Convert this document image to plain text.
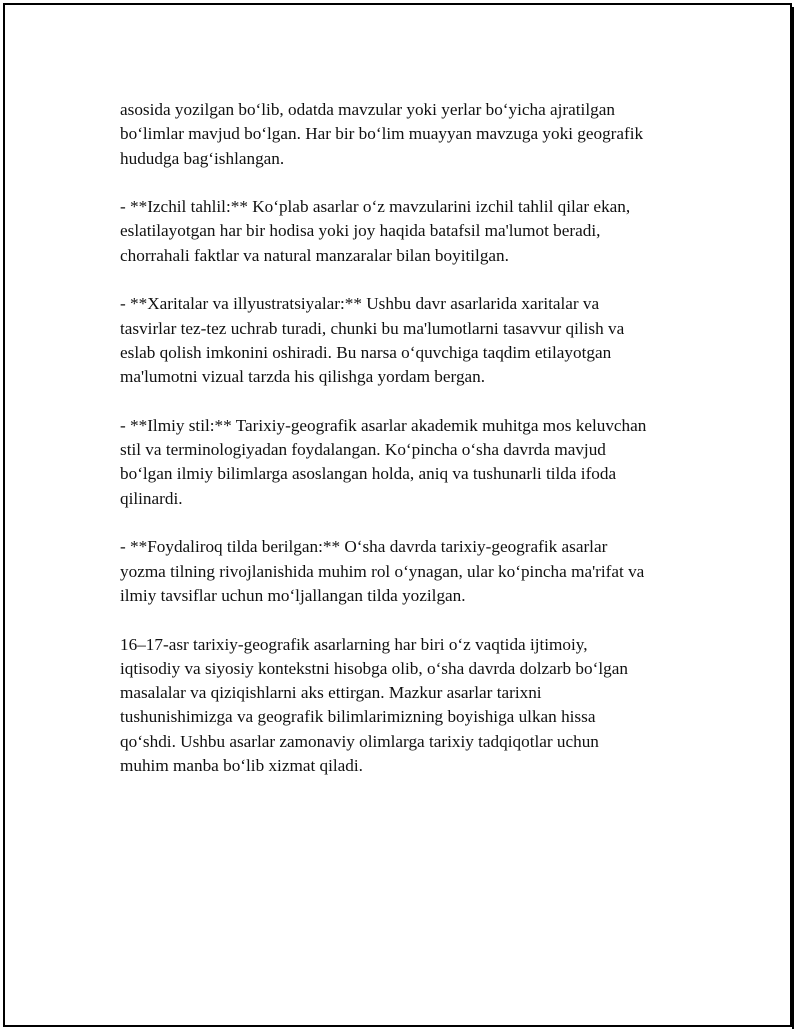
asosida yozilgan bo‘lib, odatda mavzular yoki yerlar bo‘yicha ajratilgan
bo‘limlar mavjud bo‘lgan. Har bir bo‘lim muayyan mavzuga yoki geografik
hududga bag‘ishlangan.

- **Izchil tahlil:** Ko‘plab asarlar o‘z mavzularini izchil tahlil qilar ekan,
eslatilayotgan har bir hodisa yoki joy haqida batafsil ma'lumot beradi,
chorrahali faktlar va natural manzaralar bilan boyitilgan.

- **Xaritalar va illyustratsiyalar:** Ushbu davr asarlarida xaritalar va
tasvirlar tez-tez uchrab turadi, chunki bu ma'lumotlarni tasavvur qilish va
eslab qolish imkonini oshiradi. Bu narsa o‘quvchiga taqdim etilayotgan
ma'lumotni vizual tarzda his qilishga yordam bergan.

- **Ilmiy stil:** Tarixiy-geografik asarlar akademik muhitga mos keluvchan
stil va terminologiyadan foydalangan. Ko‘pincha o‘sha davrda mavjud
bo‘lgan ilmiy bilimlarga asoslangan holda, aniq va tushunarli tilda ifoda
qilinardi.

- **Foydaliroq tilda berilgan:** O‘sha davrda tarixiy-geografik asarlar
yozma tilning rivojlanishida muhim rol o‘ynagan, ular ko‘pincha ma'rifat va
ilmiy tavsiflar uchun mo‘ljallangan tilda yozilgan.

16–17-asr tarixiy-geografik asarlarning har biri o‘z vaqtida ijtimoiy,
iqtisodiy va siyosiy kontekstni hisobga olib, o‘sha davrda dolzarb bo‘lgan
masalalar va qiziqishlarni aks ettirgan. Mazkur asarlar tarixni
tushunishimizga va geografik bilimlarimizning boyishiga ulkan hissa
qo‘shdi. Ushbu asarlar zamonaviy olimlarga tarixiy tadqiqotlar uchun
muhim manba bo‘lib xizmat qiladi.
